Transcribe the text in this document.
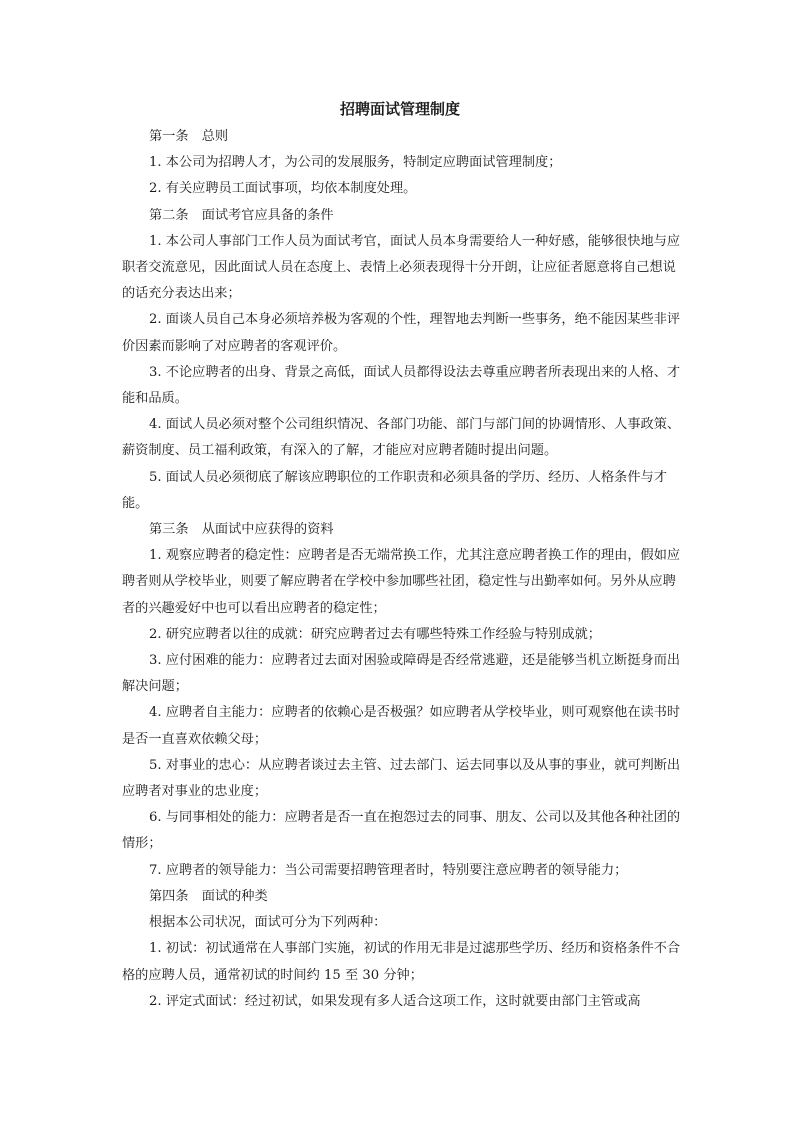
招聘面试管理制度

第一条　总则

1. 本公司为招聘人才，为公司的发展服务，特制定应聘面试管理制度；

2. 有关应聘员工面试事项，均依本制度处理。

第二条　面试考官应具备的条件

1. 本公司人事部门工作人员为面试考官，面试人员本身需要给人一种好感，能够很快地与应职者交流意见，因此面试人员在态度上、表情上必须表现得十分开朗，让应征者愿意将自己想说的话充分表达出来；

2. 面谈人员自己本身必须培养极为客观的个性，理智地去判断一些事务，绝不能因某些非评价因素而影响了对应聘者的客观评价。

3. 不论应聘者的出身、背景之高低，面试人员都得设法去尊重应聘者所表现出来的人格、才能和品质。

4. 面试人员必须对整个公司组织情况、各部门功能、部门与部门间的协调情形、人事政策、薪资制度、员工福利政策，有深入的了解，才能应对应聘者随时提出问题。

5. 面试人员必须彻底了解该应聘职位的工作职责和必须具备的学历、经历、人格条件与才能。

第三条　从面试中应获得的资料

1. 观察应聘者的稳定性：应聘者是否无端常换工作，尤其注意应聘者换工作的理由，假如应聘者则从学校毕业，则要了解应聘者在学校中参加哪些社团，稳定性与出勤率如何。另外从应聘者的兴趣爱好中也可以看出应聘者的稳定性；

2. 研究应聘者以往的成就：研究应聘者过去有哪些特殊工作经验与特别成就；

3. 应付困难的能力：应聘者过去面对困验或障碍是否经常逃避，还是能够当机立断挺身而出解决问题；

4. 应聘者自主能力：应聘者的依赖心是否极强？如应聘者从学校毕业，则可观察他在读书时是否一直喜欢依赖父母；

5. 对事业的忠心：从应聘者谈过去主管、过去部门、运去同事以及从事的事业，就可判断出应聘者对事业的忠业度；

6. 与同事相处的能力：应聘者是否一直在抱怨过去的同事、朋友、公司以及其他各种社团的情形；

7. 应聘者的领导能力：当公司需要招聘管理者时，特别要注意应聘者的领导能力；

第四条　面试的种类

根据本公司状况，面试可分为下列两种：

1. 初试：初试通常在人事部门实施，初试的作用无非是过滤那些学历、经历和资格条件不合格的应聘人员，通常初试的时间约 15 至 30 分钟；

2. 评定式面试：经过初试，如果发现有多人适合这项工作，这时就要由部门主管或高
